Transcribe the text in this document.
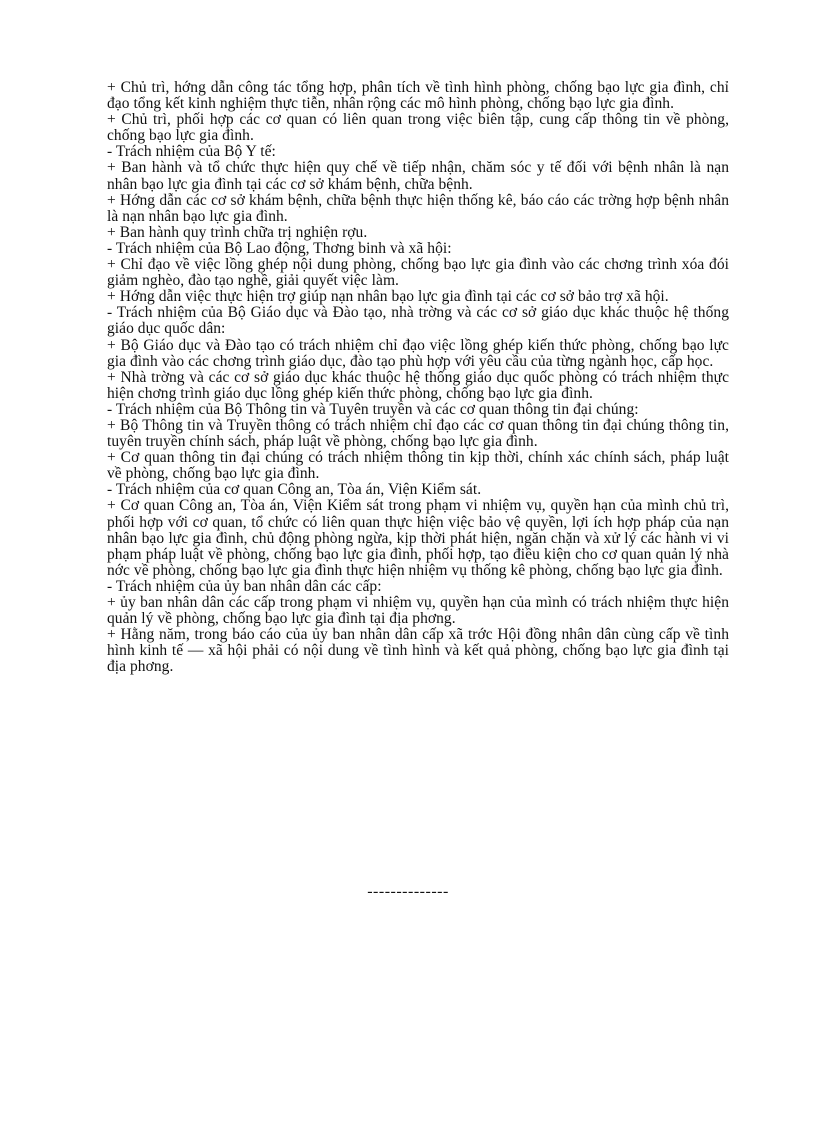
+ Chủ trì, hớng dẫn công tác tổng hợp, phân tích về tình hình phòng, chống bạo lực gia đình, chỉ đạo tổng kết kinh nghiệm thực tiễn, nhân rộng các mô hình phòng, chống bạo lực gia đình.

+ Chủ trì, phối hợp các cơ quan có liên quan trong việc biên tập, cung cấp thông tin về phòng, chống bạo lực gia đình.

- Trách nhiệm của Bộ Y tế:

+ Ban hành và tổ chức thực hiện quy chế về tiếp nhận, chăm sóc y tế đối với bệnh nhân là nạn nhân bạo lực gia đình tại các cơ sở khám bệnh, chữa bệnh.

+ Hớng dẫn các cơ sở khám bệnh, chữa bệnh thực hiện thống kê, báo cáo các trờng hợp bệnh nhân là nạn nhân bạo lực gia đình.

+ Ban hành quy trình chữa trị nghiện rợu.

- Trách nhiệm của Bộ Lao động, Thơng binh và xã hội:

+ Chỉ đạo về việc lồng ghép nội dung phòng, chống bạo lực gia đình vào các chơng trình xóa đói giảm nghèo, đào tạo nghề, giải quyết việc làm.

+ Hớng dẫn việc thực hiện trợ giúp nạn nhân bạo lực gia đình tại các cơ sở bảo trợ xã hội.

- Trách nhiệm của Bộ Giáo dục và Đào tạo, nhà trờng và các cơ sở giáo dục khác thuộc hệ thống giáo dục quốc dân:

+ Bộ Giáo dục và Đào tạo có trách nhiệm chỉ đạo việc lồng ghép kiến thức phòng, chống bạo lực gia đình vào các chơng trình giáo dục, đào tạo phù hợp với yêu cầu của từng ngành học, cấp học.

+ Nhà trờng và các cơ sở giáo dục khác thuộc hệ thống giáo dục quốc phòng có trách nhiệm thực hiện chơng trình giáo dục lồng ghép kiến thức phòng, chống bạo lực gia đình.

- Trách nhiệm của Bộ Thông tin và Tuyên truyền và các cơ quan thông tin đại chúng:

+ Bộ Thông tin và Truyền thông có trách nhiệm chỉ đạo các cơ quan thông tin đại chúng thông tin, tuyên truyền chính sách, pháp luật về phòng, chống bạo lực gia đình.

+ Cơ quan thông tin đại chúng có trách nhiệm thông tin kịp thời, chính xác chính sách, pháp luật về phòng, chống bạo lực gia đình.

- Trách nhiệm của cơ quan Công an, Tòa án, Viện Kiểm sát.

+ Cơ quan Công an, Tòa án, Viện Kiểm sát trong phạm vi nhiệm vụ, quyền hạn của mình chủ trì, phối hợp với cơ quan, tổ chức có liên quan thực hiện việc bảo vệ quyền, lợi ích hợp pháp của nạn nhân bạo lực gia đình, chủ động phòng ngừa, kịp thời phát hiện, ngăn chặn và xử lý các hành vi vi phạm pháp luật về phòng, chống bạo lực gia đình, phối hợp, tạo điều kiện cho cơ quan quản lý nhà nớc về phòng, chống bạo lực gia đình thực hiện nhiệm vụ thống kê phòng, chống bạo lực gia đình.

- Trách nhiệm của ủy ban nhân dân các cấp:

+ ủy ban nhân dân các cấp trong phạm vi nhiệm vụ, quyền hạn của mình có trách nhiệm thực hiện quản lý về phòng, chống bạo lực gia đình tại địa phơng.

+ Hằng năm, trong báo cáo của ủy ban nhân dân cấp xã trớc Hội đồng nhân dân cùng cấp về tình hình kinh tế — xã hội phải có nội dung về tình hình và kết quả phòng, chống bạo lực gia đình tại địa phơng.

--------------
